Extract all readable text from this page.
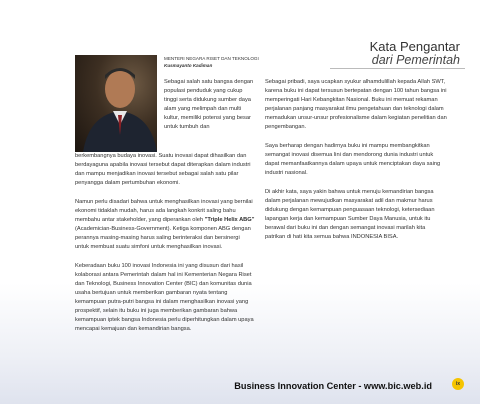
Kata Pengantar
dari Pemerintah
MENTERI NEGARA RISET DAN TEKNOLOGI
Kusmayanto Kadiman
Sebagai salah satu bangsa dengan populasi penduduk yang cukup tinggi serta didukung sumber daya alam yang melimpah dan multi kultur, memiliki potensi yang besar untuk tumbuh dan

berkembangnya budaya inovasi. Suatu inovasi dapat dihasilkan dan berdayaguna apabila inovasi tersebut dapat diterapkan dalam industri dan mampu menjadikan inovasi tersebut sebagai salah satu pilar penyangga dalam pertumbuhan ekonomi.

Namun perlu disadari bahwa untuk menghasilkan inovasi yang bernilai ekonomi tidaklah mudah, harus ada langkah konkrit saling bahu membahu antar stakeholder, yang diperankan oleh "Triple Helix ABG" (Academician-Business-Government). Ketiga komponen ABG dengan perannya masing-masing harus saling berinteraksi dan bersinergi untuk membuat suatu simfoni untuk menghasilkan inovasi.

Keberadaan buku 100 inovasi Indonesia ini yang disusun dari hasil kolaborasi antara Pemerintah dalam hal ini Kementerian Negara Riset dan Teknologi, Business Innovation Center (BIC) dan komunitas dunia usaha bertujuan untuk memberikan gambaran nyata tentang kemampuan putra-putri bangsa ini dalam menghasilkan inovasi yang prospektif, selain itu buku ini juga memberikan gambaran bahwa kemampuan iptek bangsa Indonesia perlu diperhitungkan dalam upaya mencapai kemajuan dan kemandirian bangsa.

Sebagai pribadi, saya ucapkan syukur alhamdulillah kepada Allah SWT, karena buku ini dapat tersusun bertepatan dengan 100 tahun bangsa ini memperingati Hari Kebangkitan Nasional. Buku ini memuat rekaman perjalanan panjang masyarakat ilmu pengetahuan dan teknologi dalam memadukan unsur-unsur profesionalisme dalam kegiatan penelitian dan pengembangan.

Saya berharap dengan hadirnya buku ini mampu membangkitkan semangat inovasi disemua lini dan mendorong dunia industri untuk dapat memanfaatkannya dalam upaya untuk menciptakan daya saing industri nasional.

Di akhir kata, saya yakin bahwa untuk menuju kemandirian bangsa dalam perjalanan mewujudkan masyarakat adil dan makmur harus didukung dengan kemampuan penguasaan teknologi, ketersediaan lapangan kerja dan kemampuan Sumber Daya Manusia, untuk itu berawal dari buku ini dan dengan semangat inovasi marilah kita patrikan di hati kita semua bahwa INDONESIA BISA.

Business Innovation Center - www.bic.web.id	ix
